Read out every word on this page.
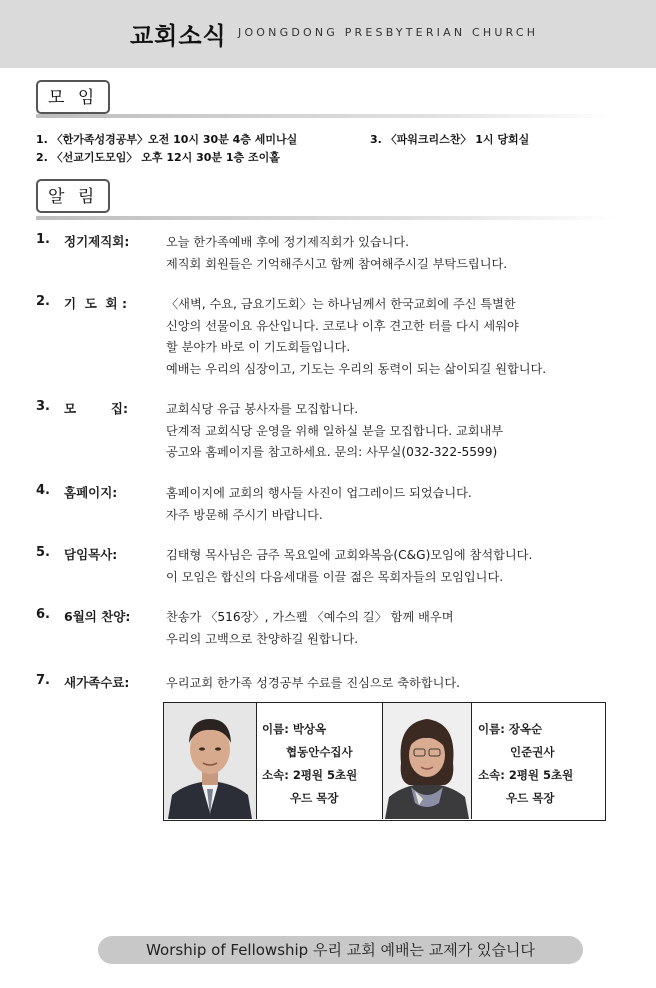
교회소식 JOONGDONG PRESBYTERIAN CHURCH
모 임
1. 〈한가족성경공부〉오전 10시 30분 4층 세미나실	3. 〈파워크리스찬〉 1시 당회실
2. 〈선교기도모임〉 오후 12시 30분 1층 조이홀
알 림
1. 정기제직회:	오늘 한가족예배 후에 정기제직회가 있습니다.
제직회 회원들은 기억해주시고 함께 참여해주시길 부탁드립니다.
2. 기  도  회 :	〈새벽, 수요, 금요기도회〉는 하나님께서 한국교회에 주신 특별한
신앙의 선물이요 유산입니다. 코로나 이후 견고한 터를 다시 세워야
할 분야가 바로 이 기도회들입니다.
예배는 우리의 심장이고, 기도는 우리의 동력이 되는 삶이되길 원합니다.
3. 모        집:	교회식당 유급 봉사자를 모집합니다.
단계적 교회식당 운영을 위해 일하실 분을 모집합니다. 교회내부
공고와 홈페이지를 참고하세요. 문의: 사무실(032-322-5599)
4. 홈페이지:	홈페이지에 교회의 행사들 사진이 업그레이드 되었습니다.
자주 방문해 주시기 바랍니다.
5. 담임목사:	김태형 목사님은 금주 목요일에 교회와복음(C&G)모임에 참석합니다.
이 모임은 합신의 다음세대를 이끌 젊은 목회자들의 모임입니다.
6. 6월의 찬양:	찬송가 〈516장〉, 가스펠 〈예수의 길〉 함께 배우며
우리의 고백으로 찬양하길 원합니다.
7. 새가족수료:	우리교회 한가족 성경공부 수료를 진심으로 축하합니다.
이름: 박상옥
협동안수집사
소속: 2평원 5초원
우드 목장
이름: 장옥순
인준권사
소속: 2평원 5초원
우드 목장
Worship of Fellowship 우리 교회 예배는 교제가 있습니다
